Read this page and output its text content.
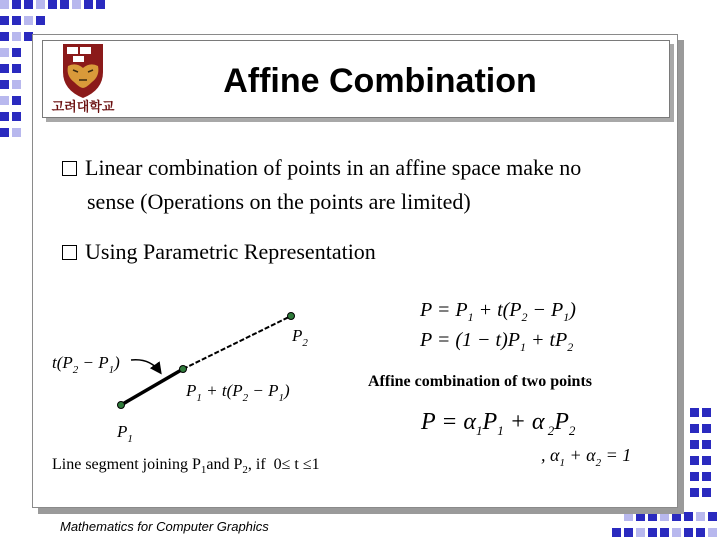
고려대학교
Affine Combination
Linear combination of points in an affine space make no
sense (Operations on the points are limited)
Using Parametric Representation
$P_2$
$P_1$
$t(P_2 - P_1)$
$P_1 + t(P_2 - P_1)$
$P = P_1 + t(P_2 - P_1)$
$P = (1 - t)P_1 + tP_2$
$P = \alpha_1P_1 + \alpha$ $_2P_2$
, $\alpha_1 + \alpha_2 = 1$
Affine combination of two points
Line segment joining $P_1and$ $P_2$, if  0≤ t ≤1
Mathematics for Computer Graphics
